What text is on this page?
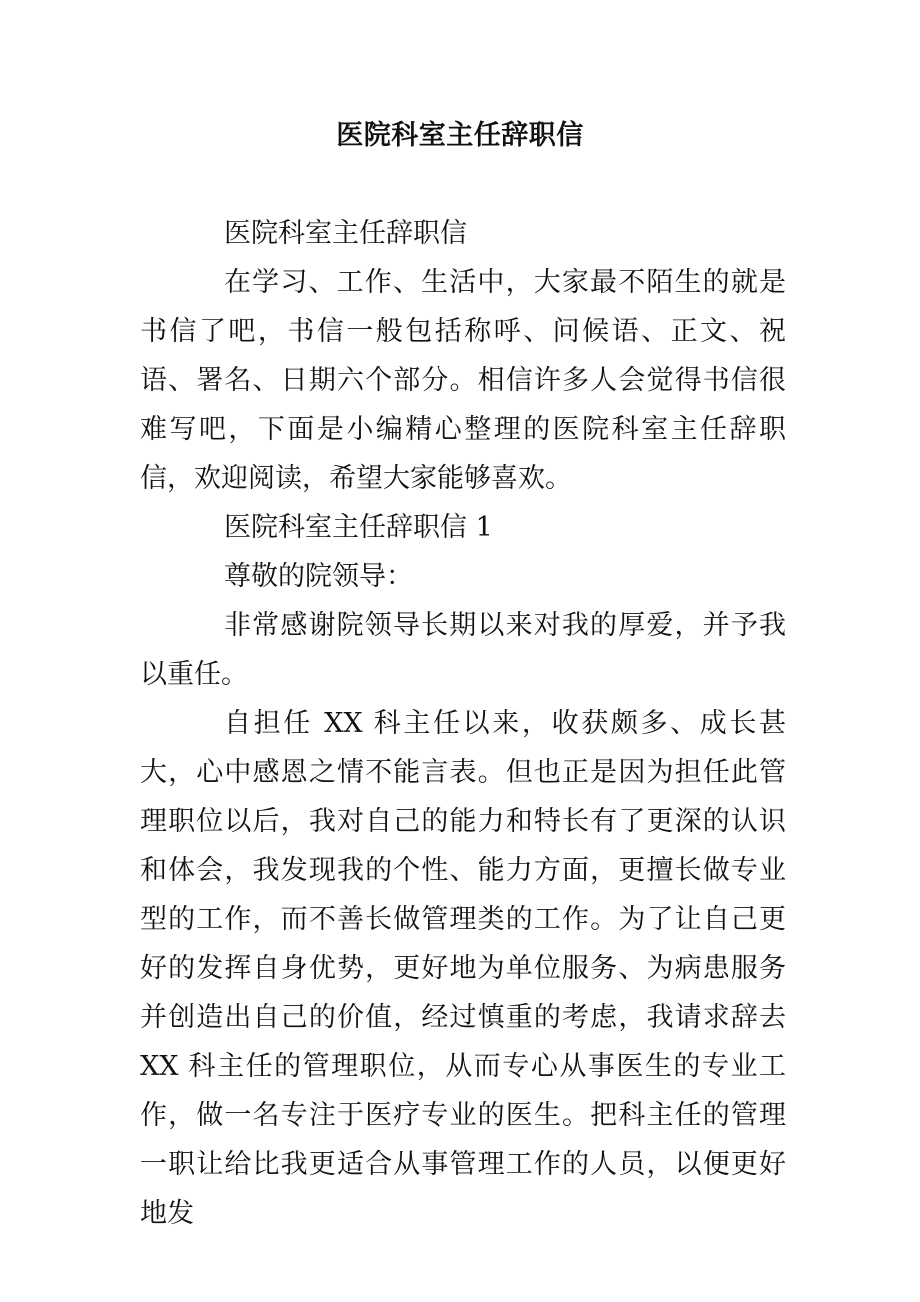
医院科室主任辞职信

医院科室主任辞职信

在学习、工作、生活中，大家最不陌生的就是书信了吧，书信一般包括称呼、问候语、正文、祝语、署名、日期六个部分。相信许多人会觉得书信很难写吧，下面是小编精心整理的医院科室主任辞职信，欢迎阅读，希望大家能够喜欢。

医院科室主任辞职信 1

尊敬的院领导：

非常感谢院领导长期以来对我的厚爱，并予我以重任。

自担任 XX 科主任以来，收获颇多、成长甚大，心中感恩之情不能言表。但也正是因为担任此管理职位以后，我对自己的能力和特长有了更深的认识和体会，我发现我的个性、能力方面，更擅长做专业型的工作，而不善长做管理类的工作。为了让自己更好的发挥自身优势，更好地为单位服务、为病患服务并创造出自己的价值，经过慎重的考虑，我请求辞去 XX 科主任的管理职位，从而专心从事医生的专业工作，做一名专注于医疗专业的医生。把科主任的管理一职让给比我更适合从事管理工作的人员，以便更好地发
